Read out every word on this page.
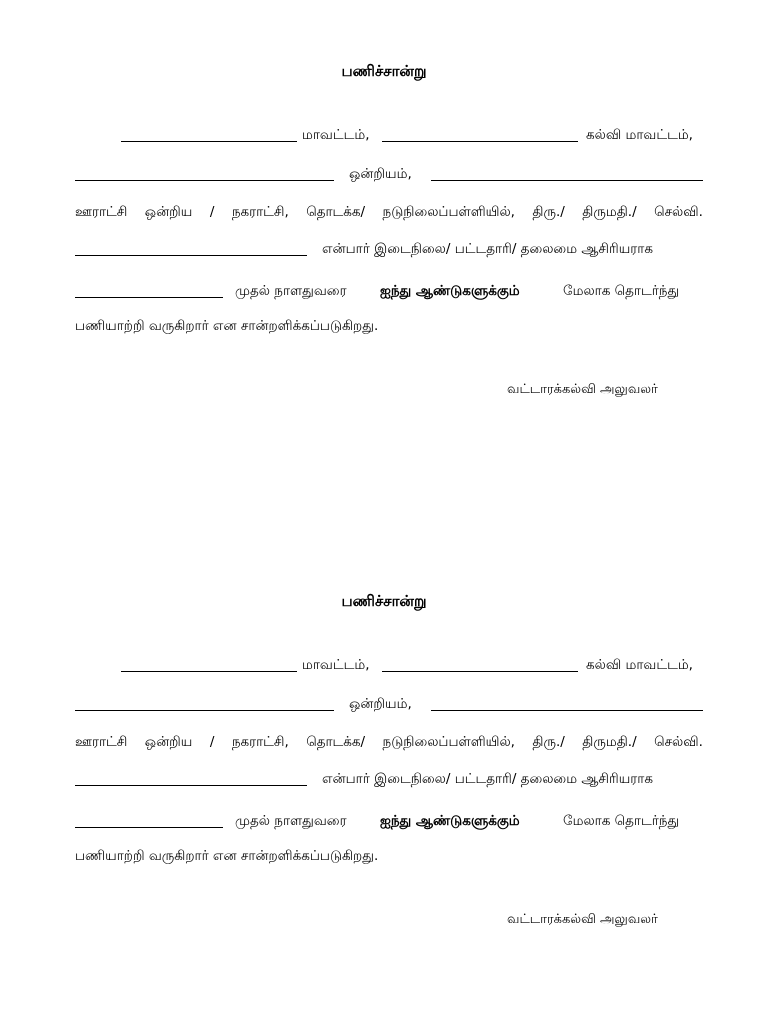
பணிச்சான்று
மாவட்டம்,	கல்வி மாவட்டம்,
ஒன்றியம்,
ஊராட்சி ஒன்றிய / நகராட்சி, தொடக்க/ நடுநிலைப்பள்ளியில், திரு./ திருமதி./ செல்வி.
என்பார் இடைநிலை/ பட்டதாரி/ தலைமை ஆசிரியராக
முதல் நாளதுவரை ஐந்து ஆண்டுகளுக்கும்	மேலாக தொடர்ந்து
பணியாற்றி வருகிறார் என சான்றளிக்கப்படுகிறது.
வட்டாரக்கல்வி அலுவலர்
பணிச்சான்று
மாவட்டம்,	கல்வி மாவட்டம்,
ஒன்றியம்,
ஊராட்சி ஒன்றிய / நகராட்சி, தொடக்க/ நடுநிலைப்பள்ளியில், திரு./ திருமதி./ செல்வி.
என்பார் இடைநிலை/ பட்டதாரி/ தலைமை ஆசிரியராக
முதல் நாளதுவரை ஐந்து ஆண்டுகளுக்கும்	மேலாக தொடர்ந்து
பணியாற்றி வருகிறார் என சான்றளிக்கப்படுகிறது.
வட்டாரக்கல்வி அலுவலர்
